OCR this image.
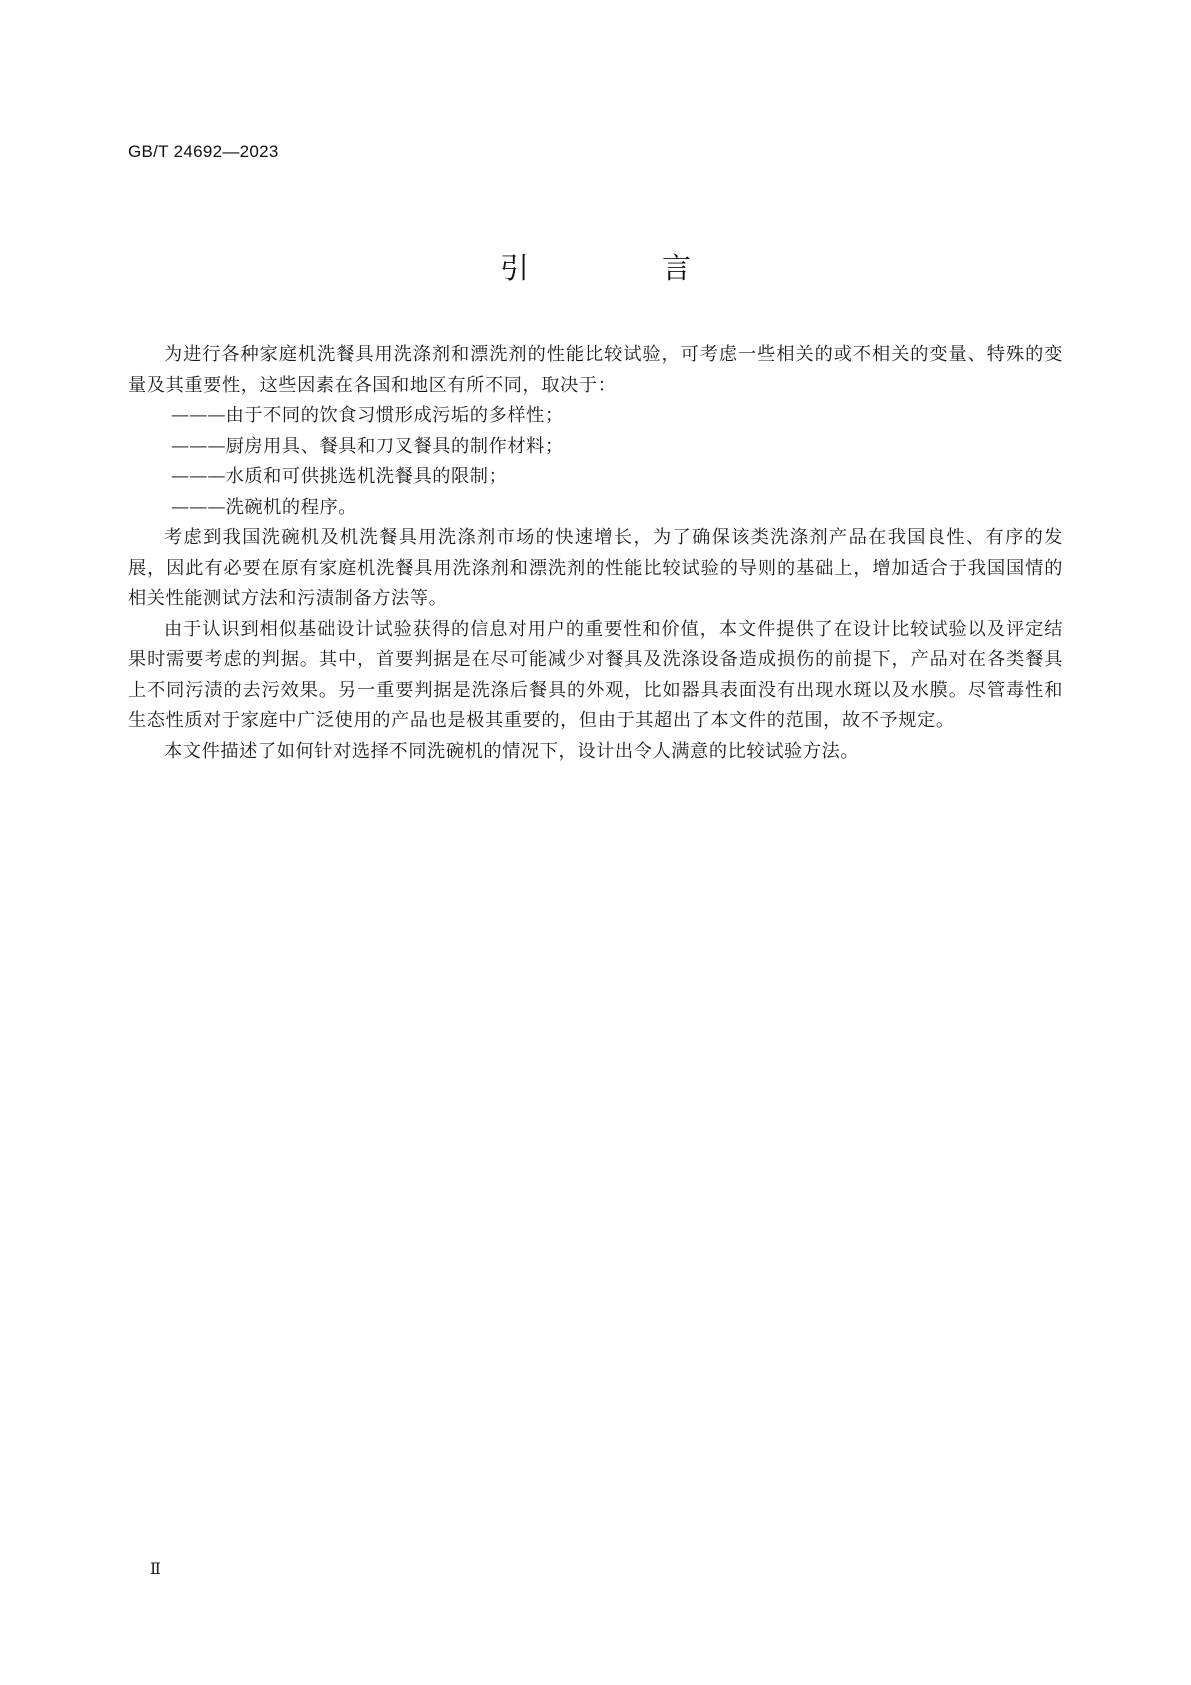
GB/T 24692—2023
引　言

为进行各种家庭机洗餐具用洗涤剂和漂洗剂的性能比较试验，可考虑一些相关的或不相关的变量、特殊的变量及其重要性，这些因素在各国和地区有所不同，取决于：

———由于不同的饮食习惯形成污垢的多样性；

———厨房用具、餐具和刀叉餐具的制作材料；

———水质和可供挑选机洗餐具的限制；

———洗碗机的程序。

考虑到我国洗碗机及机洗餐具用洗涤剂市场的快速增长，为了确保该类洗涤剂产品在我国良性、有序的发展，因此有必要在原有家庭机洗餐具用洗涤剂和漂洗剂的性能比较试验的导则的基础上，增加适合于我国国情的相关性能测试方法和污渍制备方法等。

由于认识到相似基础设计试验获得的信息对用户的重要性和价值，本文件提供了在设计比较试验以及评定结果时需要考虑的判据。其中，首要判据是在尽可能减少对餐具及洗涤设备造成损伤的前提下，产品对在各类餐具上不同污渍的去污效果。另一重要判据是洗涤后餐具的外观，比如器具表面没有出现水斑以及水膜。尽管毒性和生态性质对于家庭中广泛使用的产品也是极其重要的，但由于其超出了本文件的范围，故不予规定。

本文件描述了如何针对选择不同洗碗机的情况下，设计出令人满意的比较试验方法。

Ⅱ
